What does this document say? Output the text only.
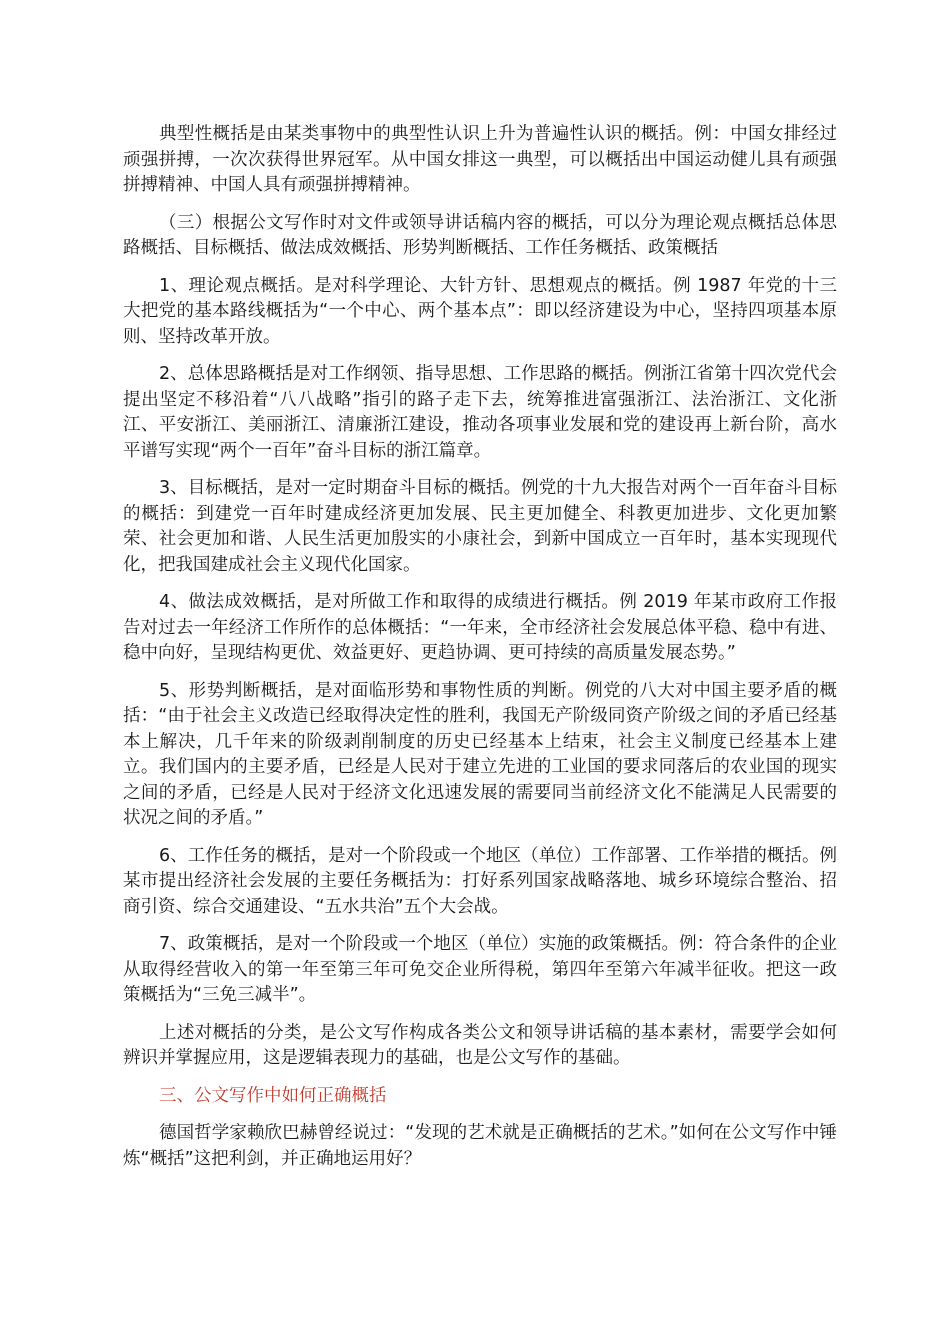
典型性概括是由某类事物中的典型性认识上升为普遍性认识的概括。例：中国女排经过顽强拼搏，一次次获得世界冠军。从中国女排这一典型，可以概括出中国运动健儿具有顽强拼搏精神、中国人具有顽强拼搏精神。

（三）根据公文写作时对文件或领导讲话稿内容的概括，可以分为理论观点概括总体思路概括、目标概括、做法成效概括、形势判断概括、工作任务概括、政策概括

1、理论观点概括。是对科学理论、大针方针、思想观点的概括。例 1987 年党的十三大把党的基本路线概括为“一个中心、两个基本点”：即以经济建设为中心，坚持四项基本原则、坚持改革开放。

2、总体思路概括是对工作纲领、指导思想、工作思路的概括。例浙江省第十四次党代会提出坚定不移沿着“八八战略”指引的路子走下去，统筹推进富强浙江、法治浙江、文化浙江、平安浙江、美丽浙江、清廉浙江建设，推动各项事业发展和党的建设再上新台阶，高水平谱写实现“两个一百年”奋斗目标的浙江篇章。

3、目标概括，是对一定时期奋斗目标的概括。例党的十九大报告对两个一百年奋斗目标的概括：到建党一百年时建成经济更加发展、民主更加健全、科教更加进步、文化更加繁荣、社会更加和谐、人民生活更加殷实的小康社会，到新中国成立一百年时，基本实现现代化，把我国建成社会主义现代化国家。

4、做法成效概括，是对所做工作和取得的成绩进行概括。例 2019 年某市政府工作报告对过去一年经济工作所作的总体概括：“一年来，全市经济社会发展总体平稳、稳中有进、稳中向好，呈现结构更优、效益更好、更趋协调、更可持续的高质量发展态势。”

5、形势判断概括，是对面临形势和事物性质的判断。例党的八大对中国主要矛盾的概括：“由于社会主义改造已经取得决定性的胜利，我国无产阶级同资产阶级之间的矛盾已经基本上解决，几千年来的阶级剥削制度的历史已经基本上结束，社会主义制度已经基本上建立。我们国内的主要矛盾，已经是人民对于建立先进的工业国的要求同落后的农业国的现实之间的矛盾，已经是人民对于经济文化迅速发展的需要同当前经济文化不能满足人民需要的状况之间的矛盾。”

6、工作任务的概括，是对一个阶段或一个地区（单位）工作部署、工作举措的概括。例某市提出经济社会发展的主要任务概括为：打好系列国家战略落地、城乡环境综合整治、招商引资、综合交通建设、“五水共治”五个大会战。

7、政策概括，是对一个阶段或一个地区（单位）实施的政策概括。例：符合条件的企业从取得经营收入的第一年至第三年可免交企业所得税，第四年至第六年减半征收。把这一政策概括为“三免三减半”。

上述对概括的分类，是公文写作构成各类公文和领导讲话稿的基本素材，需要学会如何辨识并掌握应用，这是逻辑表现力的基础，也是公文写作的基础。

三、公文写作中如何正确概括

德国哲学家赖欣巴赫曾经说过：“发现的艺术就是正确概括的艺术。”如何在公文写作中锤炼“概括”这把利剑，并正确地运用好？
